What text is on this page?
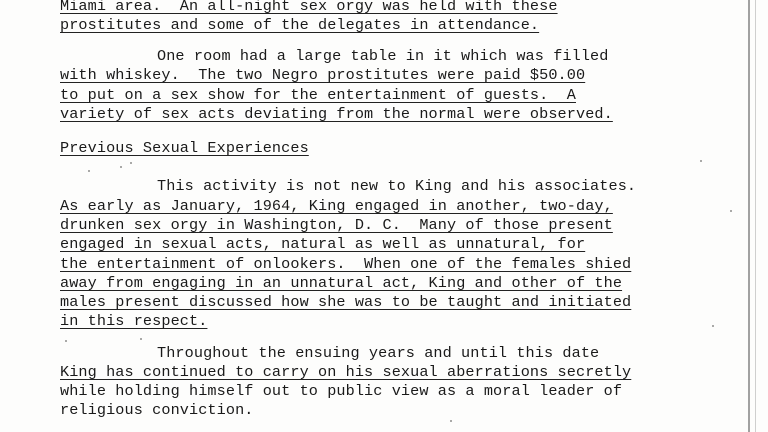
Miami area.  An all-night sex orgy was held with these
prostitutes and some of the delegates in attendance.
One room had a large table in it which was filled
with whiskey.  The two Negro prostitutes were paid $50.00
to put on a sex show for the entertainment of guests.  A
variety of sex acts deviating from the normal were observed.
Previous Sexual Experiences
This activity is not new to King and his associates.
As early as January, 1964, King engaged in another, two-day,
drunken sex orgy in Washington, D. C.  Many of those present
engaged in sexual acts, natural as well as unnatural, for
the entertainment of onlookers.  When one of the females shied
away from engaging in an unnatural act, King and other of the
males present discussed how she was to be taught and initiated
in this respect.
Throughout the ensuing years and until this date
King has continued to carry on his sexual aberrations secretly
while holding himself out to public view as a moral leader of
religious conviction.
